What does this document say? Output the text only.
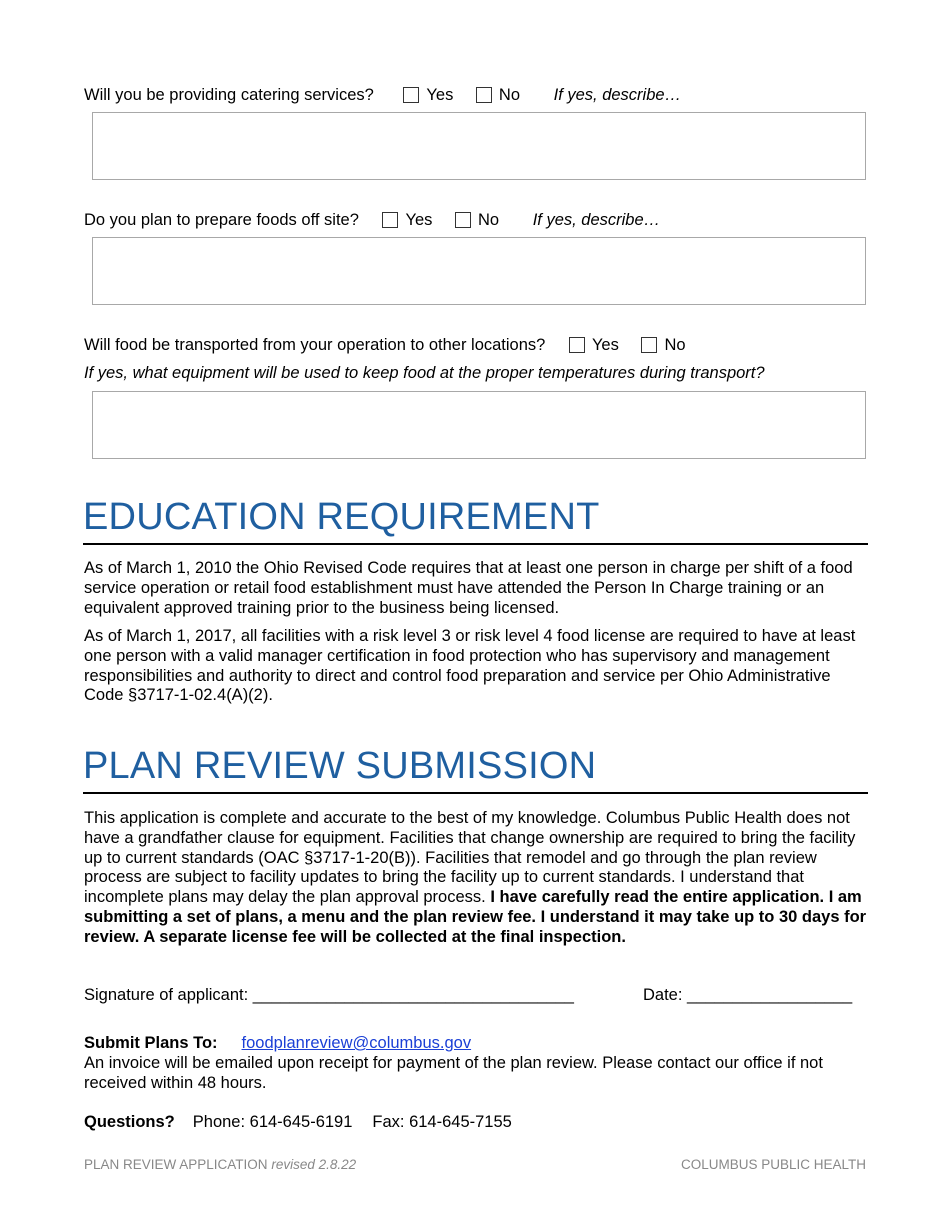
Will you be providing catering services?	Yes	No If yes, describe…
Do you plan to prepare foods off site?	Yes	No If yes, describe…
Will food be transported from your operation to other locations?	Yes	No
If yes, what equipment will be used to keep food at the proper temperatures during transport?
EDUCATION REQUIREMENT
As of March 1, 2010 the Ohio Revised Code requires that at least one person in charge per shift of a food service operation or retail food establishment must have attended the Person In Charge training or an equivalent approved training prior to the business being licensed.
As of March 1, 2017, all facilities with a risk level 3 or risk level 4 food license are required to have at least one person with a valid manager certification in food protection who has supervisory and management responsibilities and authority to direct and control food preparation and service per Ohio Administrative Code §3717-1-02.4(A)(2).
PLAN REVIEW SUBMISSION
This application is complete and accurate to the best of my knowledge. Columbus Public Health does not have a grandfather clause for equipment. Facilities that change ownership are required to bring the facility up to current standards (OAC §3717-1-20(B)). Facilities that remodel and go through the plan review process are subject to facility updates to bring the facility up to current standards. I understand that incomplete plans may delay the plan approval process. I have carefully read the entire application. I am submitting a set of plans, a menu and the plan review fee. I understand it may take up to 30 days for review. A separate license fee will be collected at the final inspection.
Signature of applicant: ___________________________________	Date: __________________
Submit Plans To: foodplanreview@columbus.gov
An invoice will be emailed upon receipt for payment of the plan review. Please contact our office if not received within 48 hours.
Questions? Phone: 614-645-6191 Fax: 614-645-7155
PLAN REVIEW APPLICATION revised 2.8.22	COLUMBUS PUBLIC HEALTH
